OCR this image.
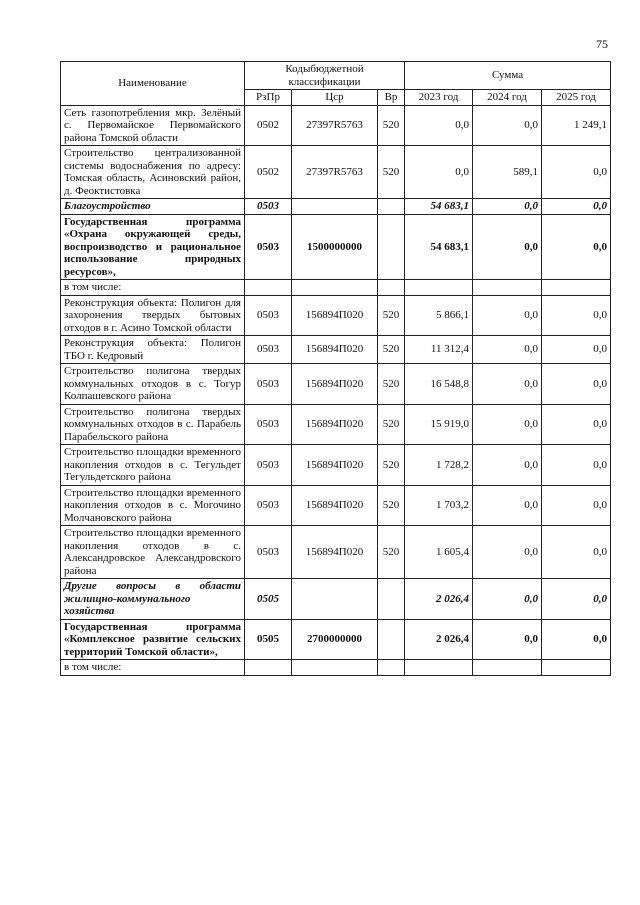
75
Наименование	Кодыбюджетной классификации			Сумма		
	РзПр	Цср	Вр	2023 год	2024 год	2025 год
Сеть газопотребления мкр. Зелёный с. Первомайское Первомайского района Томской области	0502	27397R5763	520	0,0	0,0	1 249,1
Строительство централизованной системы водоснабжения по адресу: Томская область, Асиновский район, д. Феоктистовка	0502	27397R5763	520	0,0	589,1	0,0
Благоустройство	0503			54 683,1	0,0	0,0
Государственная программа «Охрана окружающей среды, воспроизводство и рациональное использование природных ресурсов»,	0503	1500000000		54 683,1	0,0	0,0
в том числе:						
Реконструкция объекта: Полигон для захоронения твердых бытовых отходов в г. Асино Томской области	0503	156894П020	520	5 866,1	0,0	0,0
Реконструкция объекта: Полигон ТБО г. Кедровый	0503	156894П020	520	11 312,4	0,0	0,0
Строительство полигона твердых коммунальных отходов в с. Тогур Колпашевского района	0503	156894П020	520	16 548,8	0,0	0,0
Строительство полигона твердых коммунальных отходов в с. Парабель Парабельского района	0503	156894П020	520	15 919,0	0,0	0,0
Строительство площадки временного накопления отходов в с. Тегульдет Тегульдетского района	0503	156894П020	520	1 728,2	0,0	0,0
Строительство площадки временного накопления отходов в с. Могочино Молчановского района	0503	156894П020	520	1 703,2	0,0	0,0
Строительство площадки временного накопления отходов в с. Александровское Александровского района	0503	156894П020	520	1 605,4	0,0	0,0
Другие вопросы в области жилищно-коммунального хозяйства	0505			2 026,4	0,0	0,0
Государственная программа «Комплексное развитие сельских территорий Томской области»,	0505	2700000000		2 026,4	0,0	0,0
в том числе:						
